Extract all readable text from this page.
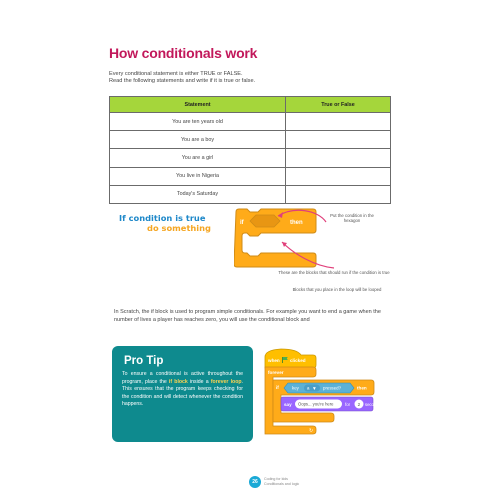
How conditionals work
Every conditional statement is either TRUE or FALSE.
Read the following statements and write if it is true or false.
Statement	True or False
You are ten years old	
You are a boy	
You are a girl	
You live in Nigeria	
Today's Saturday	
If condition is true
do something	if	then
Put the condition in the hexagon
These are the blocks that should run if the condition is true
Blocks that you place in the loop will be looped
In Scratch, the if block is used to program simple conditionals. For example you want to end a game when the number of lives a player has reaches zero, you will use the conditional block and
Pro Tip

To ensure a conditional is active throughout the program, place the if block inside a forever loop. This ensures that the program keeps checking for the condition and will detect whenever the condition happens.

when clicked
forever
↻
if	key a ▼ pressed?	then
say Oops... you're here	for 2 seconds
26	Coding for kids
Conditionals and logic
